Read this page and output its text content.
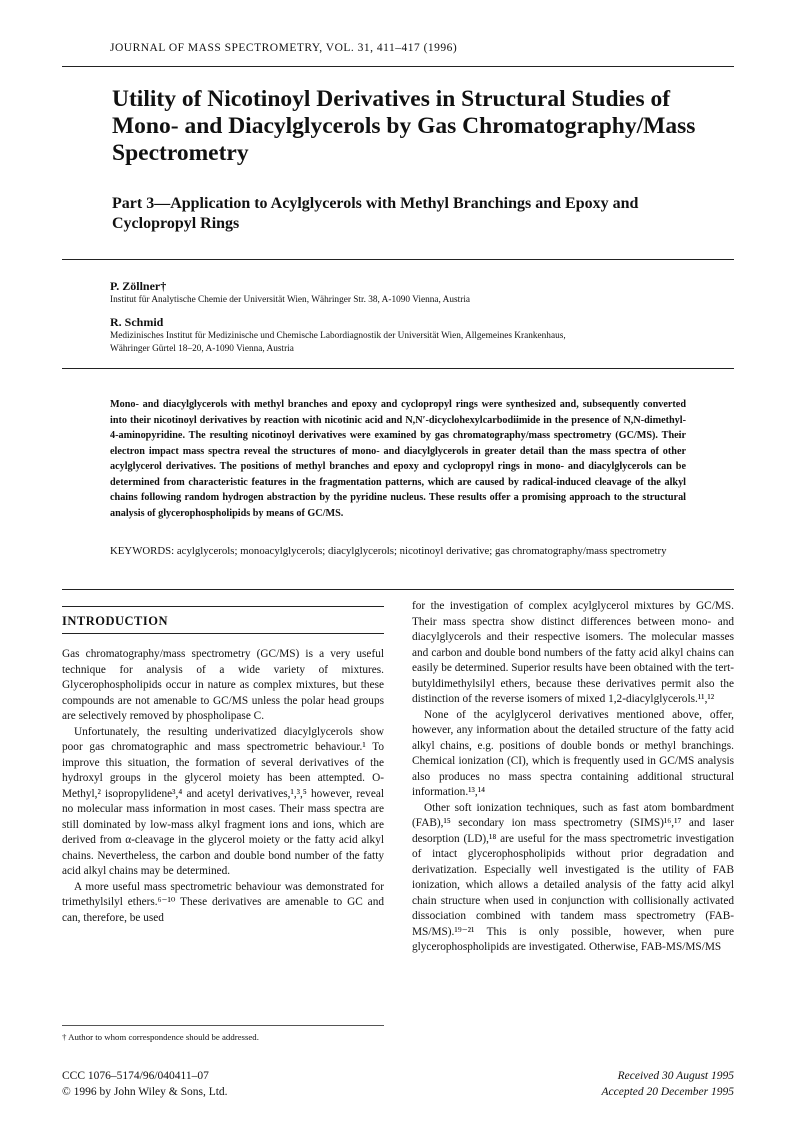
JOURNAL OF MASS SPECTROMETRY, VOL. 31, 411–417 (1996)
Utility of Nicotinoyl Derivatives in Structural Studies of Mono- and Diacylglycerols by Gas Chromatography/Mass Spectrometry
Part 3—Application to Acylglycerols with Methyl Branchings and Epoxy and Cyclopropyl Rings
P. Zöllner†
Institut für Analytische Chemie der Universität Wien, Währinger Str. 38, A-1090 Vienna, Austria
R. Schmid
Medizinisches Institut für Medizinische und Chemische Labordiagnostik der Universität Wien, Allgemeines Krankenhaus,
Währinger Gürtel 18–20, A-1090 Vienna, Austria

Mono- and diacylglycerols with methyl branches and epoxy and cyclopropyl rings were synthesized and, subsequently converted into their nicotinoyl derivatives by reaction with nicotinic acid and N,N′-dicyclohexylcarbodiimide in the presence of N,N-dimethyl-4-aminopyridine. The resulting nicotinoyl derivatives were examined by gas chromatography/mass spectrometry (GC/MS). Their electron impact mass spectra reveal the structures of mono- and diacylglycerols in greater detail than the mass spectra of other acylglycerol derivatives. The positions of methyl branches and epoxy and cyclopropyl rings in mono- and diacylglycerols can be determined from characteristic features in the fragmentation patterns, which are caused by radical-induced cleavage of the alkyl chains following random hydrogen abstraction by the pyridine nucleus. These results offer a promising approach to the structural analysis of glycerophospholipids by means of GC/MS.

KEYWORDS: acylglycerols; monoacylglycerols; diacylglycerols; nicotinoyl derivative; gas chromatography/mass spectrometry

INTRODUCTION

Gas chromatography/mass spectrometry (GC/MS) is a very useful technique for analysis of a wide variety of mixtures. Glycerophospholipids occur in nature as complex mixtures, but these compounds are not amenable to GC/MS unless the polar head groups are selectively removed by phospholipase C.

Unfortunately, the resulting underivatized diacylglycerols show poor gas chromatographic and mass spectrometric behaviour.¹ To improve this situation, the formation of several derivatives of the hydroxyl groups in the glycerol moiety has been attempted. O-Methyl,² isopropylidene³,⁴ and acetyl derivatives,¹,³,⁵ however, reveal no molecular mass information in most cases. Their mass spectra are still dominated by low-mass alkyl fragment ions and ions, which are derived from α-cleavage in the glycerol moiety or the fatty acid alkyl chains. Nevertheless, the carbon and double bond number of the fatty acid alkyl chains may be determined.

A more useful mass spectrometric behaviour was demonstrated for trimethylsilyl ethers.⁶⁻¹⁰ These derivatives are amenable to GC and can, therefore, be used

for the investigation of complex acylglycerol mixtures by GC/MS. Their mass spectra show distinct differences between mono- and diacylglycerols and their respective isomers. The molecular masses and carbon and double bond numbers of the fatty acid alkyl chains can easily be determined. Superior results have been obtained with the tert-butyldimethylsilyl ethers, because these derivatives permit also the distinction of the reverse isomers of mixed 1,2-diacylglycerols.¹¹,¹²

None of the acylglycerol derivatives mentioned above, offer, however, any information about the detailed structure of the fatty acid alkyl chains, e.g. positions of double bonds or methyl branchings. Chemical ionization (CI), which is frequently used in GC/MS analysis also produces no mass spectra containing additional structural information.¹³,¹⁴

Other soft ionization techniques, such as fast atom bombardment (FAB),¹⁵ secondary ion mass spectrometry (SIMS)¹⁶,¹⁷ and laser desorption (LD),¹⁸ are useful for the mass spectrometric investigation of intact glycerophospholipids without prior degradation and derivatization. Especially well investigated is the utility of FAB ionization, which allows a detailed analysis of the fatty acid alkyl chain structure when used in conjunction with collisionally activated dissociation combined with tandem mass spectrometry (FAB-MS/MS).¹⁹⁻²¹ This is only possible, however, when pure glycerophospholipids are investigated. Otherwise, FAB-MS/MS/MS

† Author to whom correspondence should be addressed.
CCC 1076–5174/96/040411–07
© 1996 by John Wiley & Sons, Ltd.
Received 30 August 1995
Accepted 20 December 1995
